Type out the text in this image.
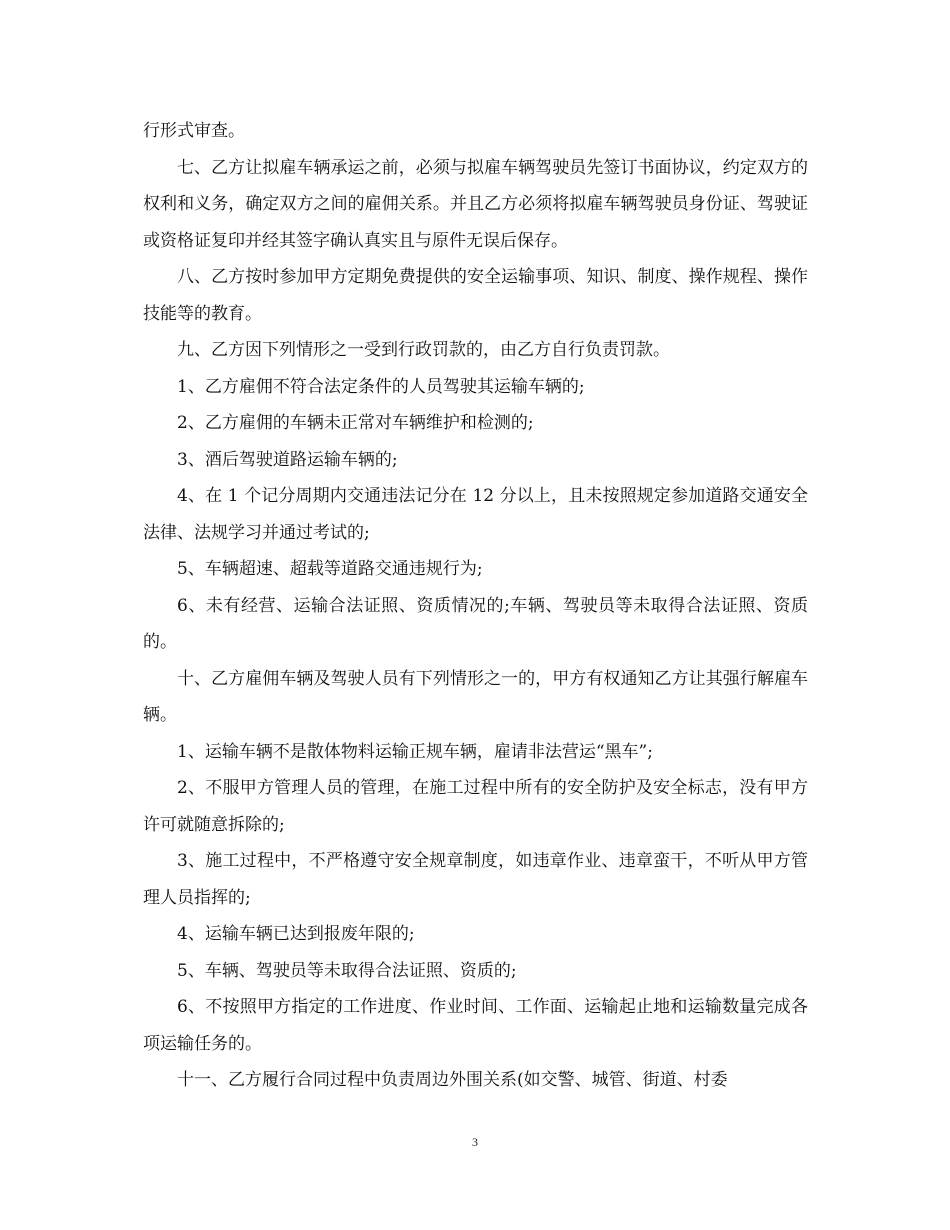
行形式审查。

七、乙方让拟雇车辆承运之前，必须与拟雇车辆驾驶员先签订书面协议，约定双方的权利和义务，确定双方之间的雇佣关系。并且乙方必须将拟雇车辆驾驶员身份证、驾驶证或资格证复印并经其签字确认真实且与原件无误后保存。

八、乙方按时参加甲方定期免费提供的安全运输事项、知识、制度、操作规程、操作技能等的教育。

九、乙方因下列情形之一受到行政罚款的，由乙方自行负责罚款。

1、乙方雇佣不符合法定条件的人员驾驶其运输车辆的;

2、乙方雇佣的车辆未正常对车辆维护和检测的;

3、酒后驾驶道路运输车辆的;

4、在 1 个记分周期内交通违法记分在 12 分以上，且未按照规定参加道路交通安全法律、法规学习并通过考试的;

5、车辆超速、超载等道路交通违规行为;

6、未有经营、运输合法证照、资质情况的;车辆、驾驶员等未取得合法证照、资质的。

十、乙方雇佣车辆及驾驶人员有下列情形之一的，甲方有权通知乙方让其强行解雇车辆。

1、运输车辆不是散体物料运输正规车辆，雇请非法营运“黑车”;

2、不服甲方管理人员的管理，在施工过程中所有的安全防护及安全标志，没有甲方许可就随意拆除的;

3、施工过程中，不严格遵守安全规章制度，如违章作业、违章蛮干，不听从甲方管理人员指挥的;

4、运输车辆已达到报废年限的;

5、车辆、驾驶员等未取得合法证照、资质的;

6、不按照甲方指定的工作进度、作业时间、工作面、运输起止地和运输数量完成各项运输任务的。

十一、乙方履行合同过程中负责周边外围关系(如交警、城管、街道、村委

3
